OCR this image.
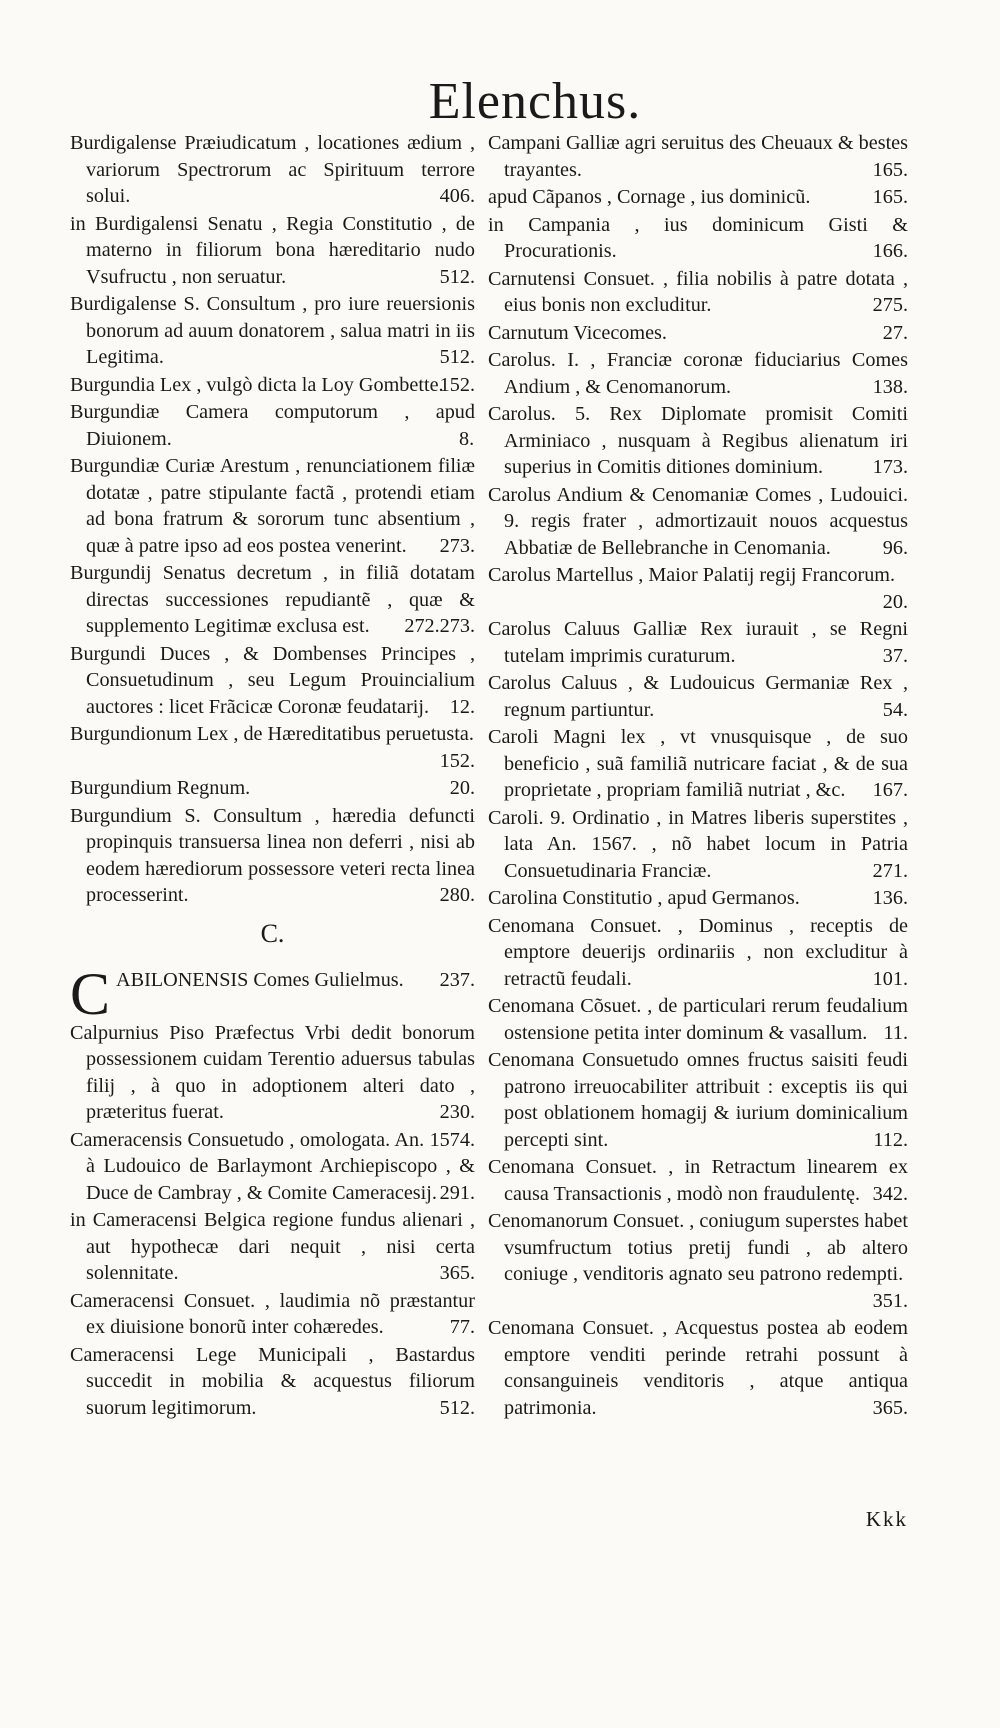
Elenchus.

Burdigalense Præiudicatum , locationes ædium , variorum Spectrorum ac Spirituum terrore solui.	406.

in Burdigalensi Senatu , Regia Constitutio , de materno in filiorum bona hæreditario nudo Vsufructu , non seruatur.	512.

Burdigalense S. Consultum , pro iure reuersionis bonorum ad auum donatorem , salua matri in iis Legitima.	512.

Burgundia Lex , vulgò dicta la Loy Gombette.
152.

Burgundiæ Camera computorum , apud Diuionem.	8.

Burgundiæ Curiæ Arestum , renunciationem filiæ dotatæ , patre stipulante factã , protendi etiam ad bona fratrum & sororum tunc absentium , quæ à patre ipso ad eos postea venerint. 273.

Burgundij Senatus decretum , in filiã dotatam directas successiones repudiantẽ , quæ & supplemento Legitimæ exclusa est. 272.273.

Burgundi Duces , & Dombenses Principes , Consuetudinum , seu Legum Prouincialium auctores : licet Frãcicæ Coronæ feudatarij. 12.

Burgundionum Lex , de Hæreditatibus peruetusta.
152.

Burgundium Regnum.	20.

Burgundium S. Consultum , hæredia defuncti propinquis transuersa linea non deferri , nisi ab eodem hærediorum possessore veteri recta linea processerint.	280.

C.

CABILONENSIS Comes Gulielmus. 237.

Calpurnius Piso Præfectus Vrbi dedit bonorum possessionem cuidam Terentio aduersus tabulas filij , à quo in adoptionem alteri dato , præteritus fuerat.	230.

Cameracensis Consuetudo , omologata. An. 1574. à Ludouico de Barlaymont Archiepiscopo , & Duce de Cambray , & Comite Cameracesij. 291.

in Cameracensi Belgica regione fundus alienari , aut hypothecæ dari nequit , nisi certa solennitate.	365.

Cameracensi Consuet. , laudimia nõ præstantur ex diuisione bonorũ inter cohæredes.	77.

Cameracensi Lege Municipali , Bastardus succedit in mobilia & acquestus filiorum suorum legitimorum.	512.

Campani Galliæ agri seruitus des Cheuaux & bestes trayantes.	165.

apud Cãpanos , Cornage , ius dominicũ.	165.

in Campania , ius dominicum Gisti & Procurationis.	166.

Carnutensi Consuet. , filia nobilis à patre dotata , eius bonis non excluditur.	275.

Carnutum Vicecomes.	27.

Carolus. I. , Franciæ coronæ fiduciarius Comes Andium , & Cenomanorum.	138.

Carolus. 5. Rex Diplomate promisit Comiti Arminiaco , nusquam à Regibus alienatum iri superius in Comitis ditiones dominium. 173.

Carolus Andium & Cenomaniæ Comes , Ludouici. 9. regis frater , admortizauit nouos acquestus Abbatiæ de Bellebranche in Cenomania.	96.

Carolus Martellus , Maior Palatij regij Francorum.
20.

Carolus Caluus Galliæ Rex iurauit , se Regni tutelam imprimis curaturum.	37.

Carolus Caluus , & Ludouicus Germaniæ Rex , regnum partiuntur.	54.

Caroli Magni lex , vt vnusquisque , de suo beneficio , suã familiã nutricare faciat , & de sua proprietate , propriam familiã nutriat , &c. 167.

Caroli. 9. Ordinatio , in Matres liberis superstites , lata An. 1567. , nõ habet locum in Patria Consuetudinaria Franciæ.	271.

Carolina Constitutio , apud Germanos.	136.

Cenomana Consuet. , Dominus , receptis de emptore deuerijs ordinariis , non excluditur à retractũ feudali.	101.

Cenomana Cõsuet. , de particulari rerum feudalium ostensione petita inter dominum & vasallum. 11.

Cenomana Consuetudo omnes fructus saisiti feudi patrono irreuocabiliter attribuit : exceptis iis qui post oblationem homagij & iurium dominicalium percepti sint.	112.

Cenomana Consuet. , in Retractum linearem ex causa Transactionis , modò non fraudulentę. 342.

Cenomanorum Consuet. , coniugum superstes habet vsumfructum totius pretij fundi , ab altero coniuge , venditoris agnato seu patrono redempti.
351.

Cenomana Consuet. , Acquestus postea ab eodem emptore venditi perinde retrahi possunt à consanguineis venditoris , atque antiqua patrimonia.	365.

Kkk
